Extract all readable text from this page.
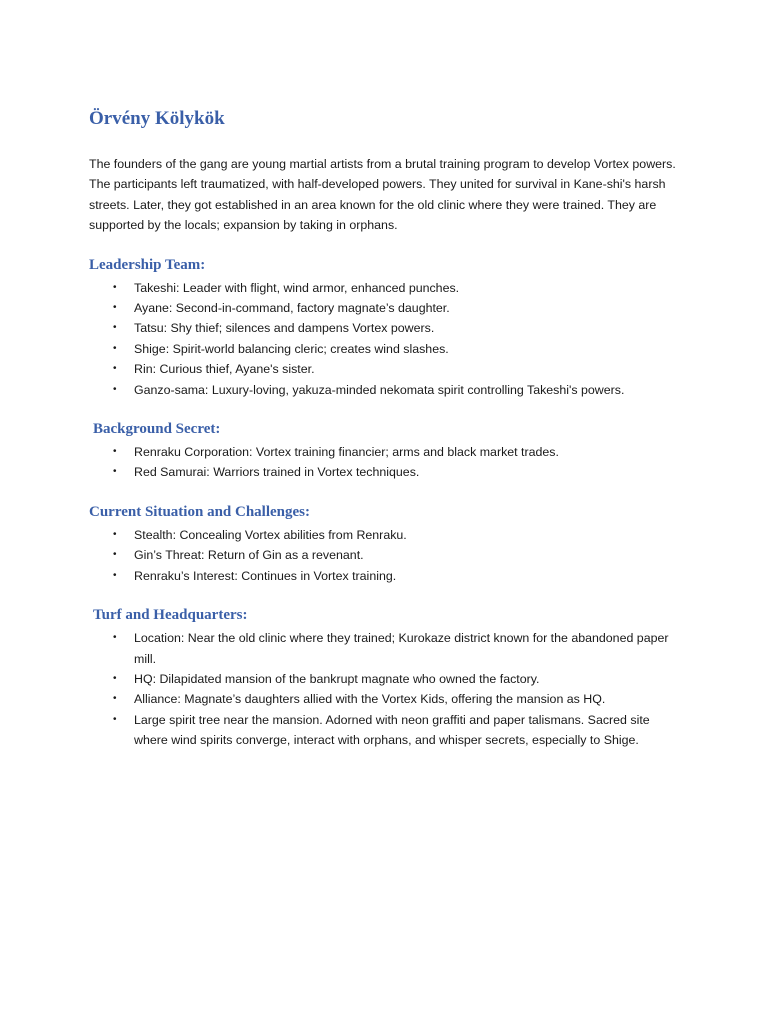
Örvény Kölykök

The founders of the gang are young martial artists from a brutal training program to develop Vortex powers. The participants left traumatized, with half-developed powers. They united for survival in Kane-shi's harsh streets. Later, they got established in an area known for the old clinic where they were trained. They are supported by the locals; expansion by taking in orphans.

Leadership Team:
• Takeshi: Leader with flight, wind armor, enhanced punches.
• Ayane: Second-in-command, factory magnate’s daughter.
• Tatsu: Shy thief; silences and dampens Vortex powers.
• Shige: Spirit-world balancing cleric; creates wind slashes.
• Rin: Curious thief, Ayane's sister.
• Ganzo-sama: Luxury-loving, yakuza-minded nekomata spirit controlling Takeshi's powers.
Background Secret:
• Renraku Corporation: Vortex training financier; arms and black market trades.
• Red Samurai: Warriors trained in Vortex techniques.
Current Situation and Challenges:
• Stealth: Concealing Vortex abilities from Renraku.
• Gin’s Threat: Return of Gin as a revenant.
• Renraku’s Interest: Continues in Vortex training.
Turf and Headquarters:
• Location: Near the old clinic where they trained; Kurokaze district known for the abandoned paper mill.
• HQ: Dilapidated mansion of the bankrupt magnate who owned the factory.
• Alliance: Magnate’s daughters allied with the Vortex Kids, offering the mansion as HQ.
• Large spirit tree near the mansion. Adorned with neon graffiti and paper talismans. Sacred site where wind spirits converge, interact with orphans, and whisper secrets, especially to Shige.
